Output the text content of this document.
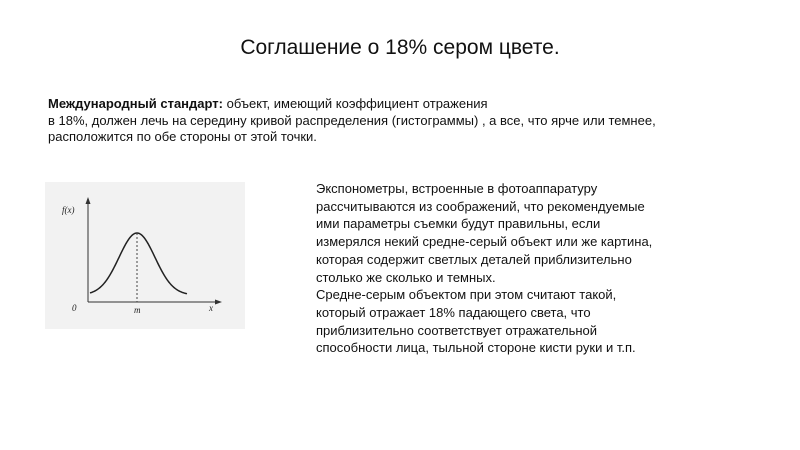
Соглашение о 18% сером цвете.
Международный стандарт: объект, имеющий коэффициент отражения
в 18%, должен лечь на середину кривой распределения (гистограммы) , а все, что ярче или темнее,
расположится по обе стороны от этой точки.
f(x)
0	m	x
Экспонометры, встроенные в фотоаппаратуру
рассчитываются из соображений, что рекомендуемые
ими параметры съемки будут правильны, если
измерялся некий средне-серый объект или же картина,
которая содержит светлых деталей приблизительно
столько же сколько и темных.
Средне-серым объектом при этом считают такой,
который отражает 18% падающего света, что
приблизительно соответствует отражательной
способности лица, тыльной стороне кисти руки и т.п.
